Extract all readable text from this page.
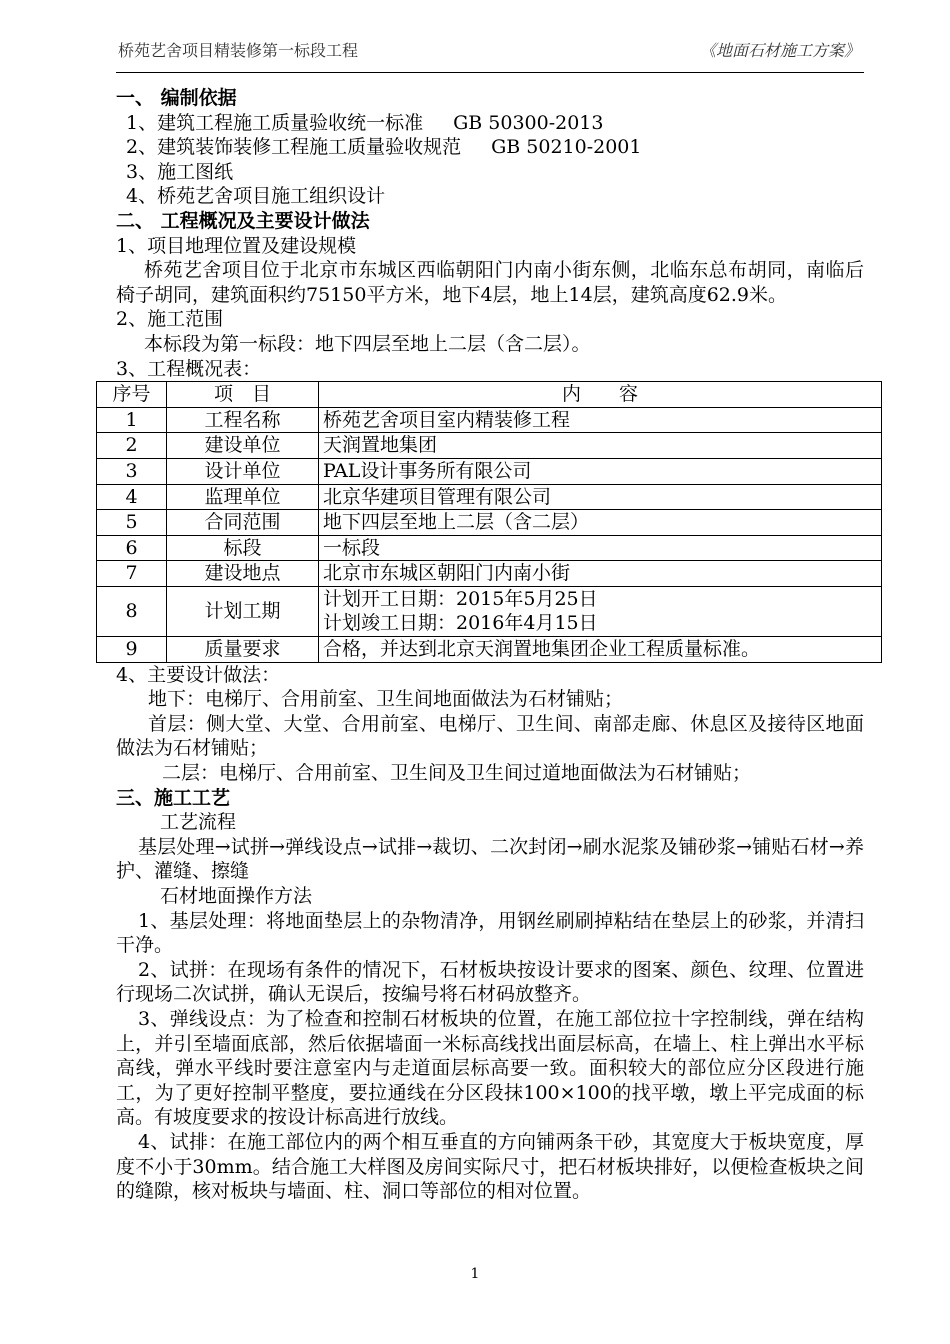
桥苑艺舍项目精装修第一标段工程	《地面石材施工方案》
一、 编制依据
1、建筑工程施工质量验收统一标准 GB 50300-2013
2、建筑装饰装修工程施工质量验收规范 GB 50210-2001
3、施工图纸
4、桥苑艺舍项目施工组织设计
二、 工程概况及主要设计做法
1、项目地理位置及建设规模
桥苑艺舍项目位于北京市东城区西临朝阳门内南小街东侧，北临东总布胡同，南临后椅子胡同，建筑面积约75150平方米，地下4层，地上14层，建筑高度62.9米。
2、施工范围
本标段为第一标段：地下四层至地上二层（含二层）。
3、工程概况表：
序号	项　目	内　　容
1	工程名称	桥苑艺舍项目室内精装修工程
2	建设单位	天润置地集团
3	设计单位	PAL设计事务所有限公司
4	监理单位	北京华建项目管理有限公司
5	合同范围	地下四层至地上二层（含二层）
6	标段	一标段
7	建设地点	北京市东城区朝阳门内南小街
8	计划工期	计划开工日期：2015年5月25日
计划竣工日期：2016年4月15日

9	质量要求	合格，并达到北京天润置地集团企业工程质量标准。
4、主要设计做法：
地下：电梯厅、合用前室、卫生间地面做法为石材铺贴；
首层：侧大堂、大堂、合用前室、电梯厅、卫生间、南部走廊、休息区及接待区地面做法为石材铺贴；
二层：电梯厅、合用前室、卫生间及卫生间过道地面做法为石材铺贴；
三、施工工艺
工艺流程
基层处理→试拼→弹线设点→试排→裁切、二次封闭→刷水泥浆及铺砂浆→铺贴石材→养护、灌缝、擦缝
石材地面操作方法
1、基层处理：将地面垫层上的杂物清净，用钢丝刷刷掉粘结在垫层上的砂浆，并清扫干净。
2、试拼：在现场有条件的情况下，石材板块按设计要求的图案、颜色、纹理、位置进行现场二次试拼，确认无误后，按编号将石材码放整齐。
3、弹线设点：为了检查和控制石材板块的位置，在施工部位拉十字控制线，弹在结构上，并引至墙面底部，然后依据墙面一米标高线找出面层标高，在墙上、柱上弹出水平标高线，弹水平线时要注意室内与走道面层标高要一致。面积较大的部位应分区段进行施工，为了更好控制平整度，要拉通线在分区段抹100×100的找平墩，墩上平完成面的标高。有坡度要求的按设计标高进行放线。
4、试排：在施工部位内的两个相互垂直的方向铺两条干砂，其宽度大于板块宽度，厚度不小于30mm。结合施工大样图及房间实际尺寸，把石材板块排好，以便检查板块之间的缝隙，核对板块与墙面、柱、洞口等部位的相对位置。
1
